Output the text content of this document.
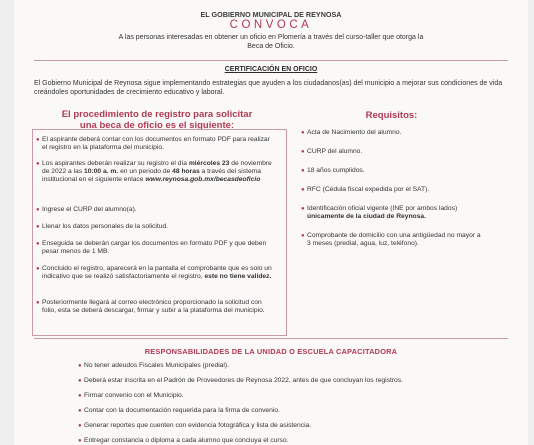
EL GOBIERNO MUNICIPAL DE REYNOSA
CONVOCA
A las personas interesadas en obtener un oficio en Plomería a través del curso-taller que otorga la Beca de Oficio.
CERTIFICACIÓN EN OFICIO
El Gobierno Municipal de Reynosa sigue implementando estrategias que ayuden a los ciudadanos(as) del municipio a mejorar sus condiciones de vida creándoles oportunidades de crecimiento educativo y laboral.
El procedimiento de registro para solicitar una beca de oficio es el siguiente:
● El aspirante deberá contar con los documentos en formato PDF para realizar el registro en la plataforma del municipio.
● Los aspirantes deberán realizar su registro el día miércoles 23 de noviembre de 2022 a las 10:00 a. m. en un periodo de 48 horas a través del sistema institucional en el siguiente enlace www.reynosa.gob.mx/becasdeoficio
● Ingrese el CURP del alumno(a).
● Llenar los datos personales de la solicitud.
● Enseguida se deberán cargar los documentos en formato PDF y que deben pesar menos de 1 MB.
● Concluido el registro, aparecerá en la pantalla el comprobante que es solo un indicativo que se realizó satisfactoriamente el registro, este no tiene validez.
● Posteriormente llegará al correo electrónico proporcionado la solicitud con folio, esta se deberá descargar, firmar y subir a la plataforma del municipio.
Requisitos:
● Acta de Nacimiento del alumno.
● CURP del alumno.
● 18 años cumplidos.
● RFC (Cédula fiscal expedida por el SAT).
● Identificación oficial vigente (INE por ambos lados) únicamente de la ciudad de Reynosa.
● Comprobante de domicilio con una antigüedad no mayor a 3 meses (predial, agua, luz, teléfono).
RESPONSABILIDADES DE LA UNIDAD O ESCUELA CAPACITADORA
● No tener adeudos Fiscales Municipales (predial).
● Deberá estar inscrita en el Padrón de Proveedores de Reynosa 2022, antes de que concluyan los registros.
● Firmar convenio con el Municipio.
● Contar con la documentación requerida para la firma de convenio.
● Generar reportes que cuenten con evidencia fotográfica y lista de asistencia.
● Entregar constancia o diploma a cada alumno que concluya el curso.
